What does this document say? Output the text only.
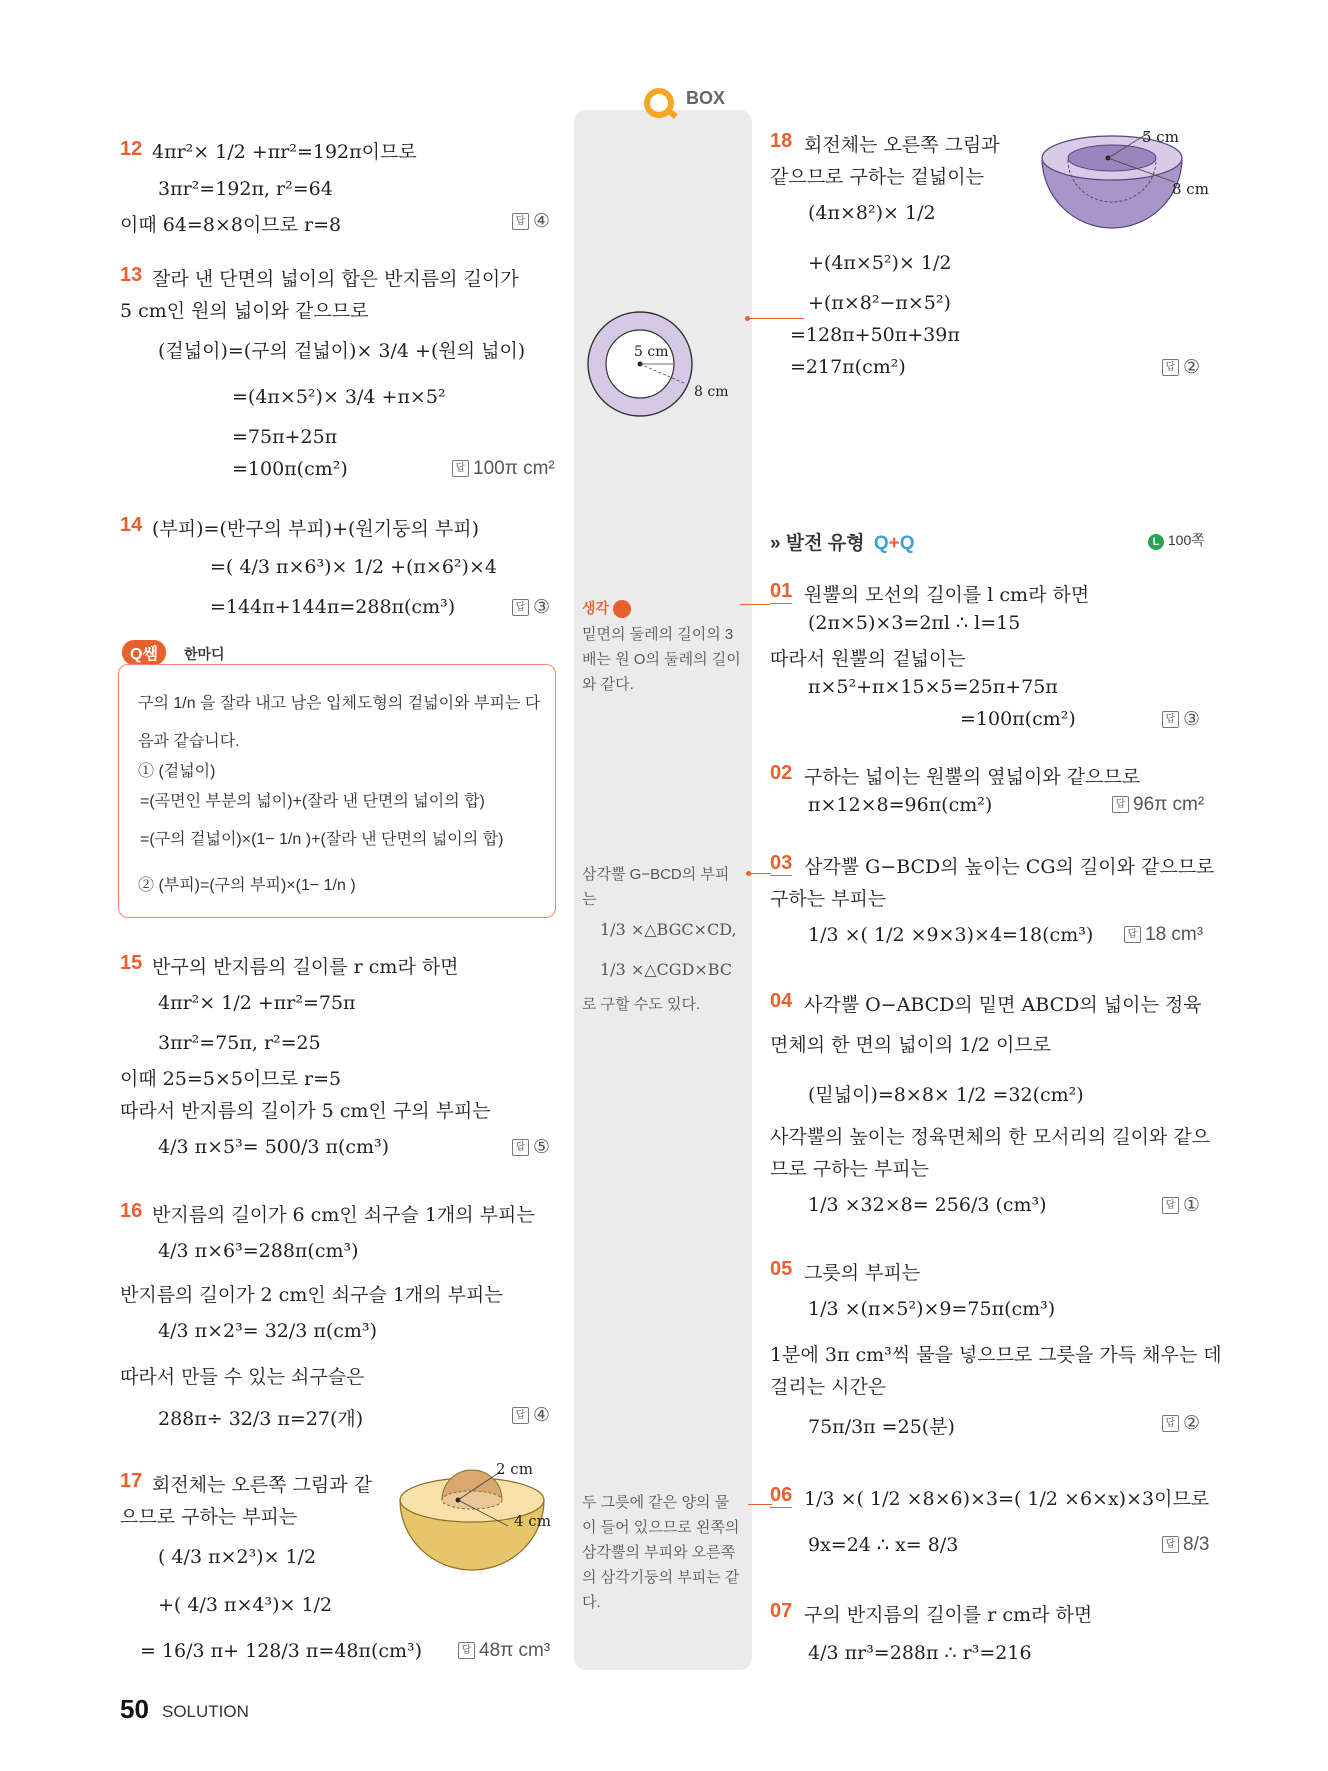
BOX
12 4πr²× 1/2 +πr²=192π이므로
3πr²=192π, r²=64
이때 64=8×8이므로 r=8	답 ④
13 잘라 낸 단면의 넓이의 합은 반지름의 길이가
5 cm인 원의 넓이와 같으므로
(겉넓이)=(구의 겉넓이)× 3/4 +(원의 넓이)
=(4π×5²)× 3/4 +π×5²
=75π+25π
=100π(cm²)	답 100π cm²
14 (부피)=(반구의 부피)+(원기둥의 부피)
=( 4/3 π×6³)× 1/2 +(π×6²)×4
=144π+144π=288π(cm³)	답 ③
Q쌤	한마디
구의 1/n 을 잘라 내고 남은 입체도형의 겉넓이와 부피는 다
음과 같습니다.
① (겉넓이)
=(곡면인 부분의 넓이)+(잘라 낸 단면의 넓이의 합)
=(구의 겉넓이)×(1− 1/n )+(잘라 낸 단면의 넓이의 합)
② (부피)=(구의 부피)×(1− 1/n )
15 반구의 반지름의 길이를 r cm라 하면
4πr²× 1/2 +πr²=75π
3πr²=75π, r²=25
이때 25=5×5이므로 r=5
따라서 반지름의 길이가 5 cm인 구의 부피는
4/3 π×5³= 500/3 π(cm³)	답 ⑤
16 반지름의 길이가 6 cm인 쇠구슬 1개의 부피는
4/3 π×6³=288π(cm³)
반지름의 길이가 2 cm인 쇠구슬 1개의 부피는
4/3 π×2³= 32/3 π(cm³)
따라서 만들 수 있는 쇠구슬은
288π÷ 32/3 π=27(개)	답 ④
17 회전체는 오른쪽 그림과 같
으므로 구하는 부피는
( 4/3 π×2³)× 1/2
+( 4/3 π×4³)× 1/2
= 16/3 π+ 128/3 π=48π(cm³)	답 48π cm³
2 cm
4 cm
5 cm
8 cm
생각
밑면의 둘레의 길이의 3배는 원 O의 둘레의 길이와 같다.
삼각뿔 G−BCD의 부피는
1/3 ×△BGC×CD,
1/3 ×△CGD×BC
로 구할 수도 있다.
두 그릇에 같은 양의 물이 들어 있으므로 왼쪽의 삼각뿔의 부피와 오른쪽의 삼각기둥의 부피는 같다.
18 회전체는 오른쪽 그림과
같으므로 구하는 겉넓이는
(4π×8²)× 1/2
+(4π×5²)× 1/2
+(π×8²−π×5²)
=128π+50π+39π
=217π(cm²)	답 ②
5 cm
8 cm
» 발전 유형 Q+Q	L 100쪽
01 원뿔의 모선의 길이를 l cm라 하면
(2π×5)×3=2πl ∴ l=15
따라서 원뿔의 겉넓이는
π×5²+π×15×5=25π+75π
=100π(cm²)	답 ③
02 구하는 넓이는 원뿔의 옆넓이와 같으므로
π×12×8=96π(cm²)	답 96π cm²
03 삼각뿔 G−BCD의 높이는 CG의 길이와 같으므로
구하는 부피는
1/3 ×( 1/2 ×9×3)×4=18(cm³)	답 18 cm³
04 사각뿔 O−ABCD의 밑면 ABCD의 넓이는 정육
면체의 한 면의 넓이의 1/2 이므로
(밑넓이)=8×8× 1/2 =32(cm²)
사각뿔의 높이는 정육면체의 한 모서리의 길이와 같으
므로 구하는 부피는
1/3 ×32×8= 256/3 (cm³)	답 ①
05 그릇의 부피는
1/3 ×(π×5²)×9=75π(cm³)
1분에 3π cm³씩 물을 넣으므로 그릇을 가득 채우는 데
걸리는 시간은
75π/3π =25(분)	답 ②
06 1/3 ×( 1/2 ×8×6)×3=( 1/2 ×6×x)×3이므로
9x=24 ∴ x= 8/3	답 8/3
07 구의 반지름의 길이를 r cm라 하면
4/3 πr³=288π ∴ r³=216
50 SOLUTION
